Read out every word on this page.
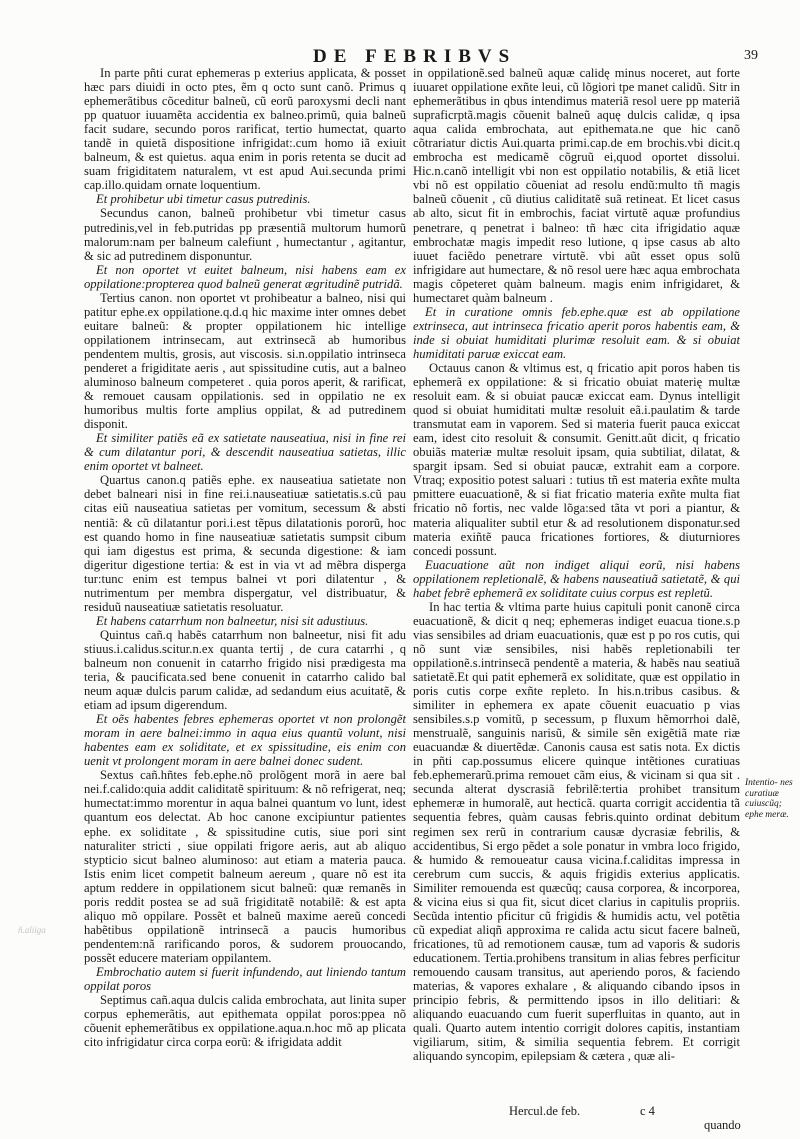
DE FEBRIBVS	39

In parte pñti curat ephemeras p exterius applicata, & posset hæc pars diuidi in octo ptes, ẽm q octo sunt canõ. Primus q ephemerãtibus cõceditur balneũ, cũ eorũ paroxysmi decli nant pp quatuor iuuamẽta accidentia ex balneo.primũ, quia balneũ facit sudare, secundo poros rarificat, tertio humectat, quarto tandẽ in quietã dispositione infrigidat:.cum homo iã exiuit balneum, & est quietus. aqua enim in poris retenta se ducit ad suam frigiditatem naturalem, vt est apud Aui.secunda primi cap.illo.quidam ornate loquentium.

Et prohibetur ubi timetur casus putredinis.

Secundus canon, balneũ prohibetur vbi timetur casus putredinis,vel in feb.putridas pp præsentiã multorum humorũ malorum:nam per balneum calefiunt , humectantur , agitantur, & sic ad putredinem disponuntur.

Et non oportet vt euitet balneum, nisi habens eam ex oppilatione:propterea quod balneũ generat ægritudinẽ putridã.

Tertius canon. non oportet vt prohibeatur a balneo, nisi qui patitur ephe.ex oppilatione.q.d.q hic maxime inter omnes debet euitare balneũ: & propter oppilationem hic intellige oppilationem intrinsecam, aut extrinsecã ab humoribus pendentem multis, grosis, aut viscosis. si.n.oppilatio intrinseca penderet a frigiditate aeris , aut spissitudine cutis, aut a balneo aluminoso balneum competeret . quia poros aperit, & rarificat, & remouet causam oppilationis. sed in oppilatio ne ex humoribus multis forte amplius oppilat, & ad putredinem disponit.

Et similiter patiẽs eã ex satietate nauseatiua, nisi in fine rei & cum dilatantur pori, & descendit nauseatiua satietas, illic enim oportet vt balneet.

Quartus canon.q patiẽs ephe. ex nauseatiua satietate non debet balneari nisi in fine rei.i.nauseatiuæ satietatis.s.cũ pau citas eiũ nauseatiua satietas per vomitum, secessum & absti nentiã: & cũ dilatantur pori.i.est tẽpus dilatationis pororũ, hoc est quando homo in fine nauseatiuæ satietatis sumpsit cibum qui iam digestus est prima, & secunda digestione: & iam digeritur digestione tertia: & est in via vt ad mẽbra disperga tur:tunc enim est tempus balnei vt pori dilatentur , & nutrimentum per membra dispergatur, vel distribuatur, & residuũ nauseatiuæ satietatis resoluatur.

Et habens catarrhum non balneetur, nisi sit adustiuus.

Quintus cañ.q habẽs catarrhum non balneetur, nisi fit adu stiuus.i.calidus.scitur.n.ex quanta tertij , de cura catarrhi , q balneum non conuenit in catarrho frigido nisi prædigesta ma teria, & paucificata.sed bene conuenit in catarrho calido bal neum aquæ dulcis parum calidæ, ad sedandum eius acuitatẽ, & etiam ad ipsum digerendum.

Et oẽs habentes febres ephemeras oportet vt non prolongẽt moram in aere balnei:immo in aqua eius quantũ volunt, nisi habentes eam ex soliditate, et ex spissitudine, eis enim con uenit vt prolongent moram in aere balnei donec sudent.

Sextus cañ.hñtes feb.ephe.nõ prolõgent morã in aere bal nei.f.calido:quia addit caliditatẽ spirituum: & nõ refrigerat, neq; humectat:immo morentur in aqua balnei quantum vo lunt, idest quantum eos delectat. Ab hoc canone excipiuntur patientes ephe. ex soliditate , & spissitudine cutis, siue pori sint naturaliter stricti , siue oppilati frigore aeris, aut ab aliquo stypticio sicut balneo aluminoso: aut etiam a materia pauca. Istis enim licet competit balneum aereum , quare nõ est ita aptum reddere in oppilationem sicut balneũ: quæ remanẽs in poris reddit postea se ad suã frigiditatẽ notabilẽ: & est apta aliquo mõ oppilare. Possẽt et balneũ maxime aereũ concedi habẽtibus oppilationẽ intrinsecã a paucis humoribus pendentem:nã rarificando poros, & sudorem prouocando, possẽt educere materiam oppilantem.

Embrochatio autem si fuerit infundendo, aut liniendo tantum oppilat poros

Septimus cañ.aqua dulcis calida embrochata, aut linita super corpus ephemerãtis, aut epithemata oppilat poros:ppea nõ cõuenit ephemerãtibus ex oppilatione.aqua.n.hoc mõ ap plicata cito infrigidatur circa corpa eorũ: & ifrigidata addit

in oppilationẽ.sed balneũ aquæ calidę minus noceret, aut forte iuuaret oppilatione exñte leui, cũ lõgiori tpe manet calidũ. Sitr in ephemerãtibus in qbus intendimus materiã resol uere pp materiã supraficrptã.magis cõuenit balneũ aquę dulcis calidæ, q ipsa aqua calida embrochata, aut epithemata.ne que hic canõ cõtrariatur dictis Aui.quarta primi.cap.de em brochis.vbi dicit.q embrocha est medicamẽ cõgruũ ei,quod oportet dissolui. Hic.n.canõ intelligit vbi non est oppilatio notabilis, & etiã licet vbi nõ est oppilatio cõueniat ad resolu endũ:multo tñ magis balneũ cõuenit , cũ diutius caliditatẽ suã retineat. Et licet casus ab alto, sicut fit in embrochis, faciat virtutẽ aquæ profundius penetrare, q penetrat i balneo: tñ hæc cita ifrigidatio aquæ embrochatæ magis impedit reso lutione, q ipse casus ab alto iuuet faciẽdo penetrare virtutẽ. vbi aũt esset opus solũ infrigidare aut humectare, & nõ resol uere hæc aqua embrochata magis cõpeteret quàm balneum. magis enim infrigidaret, & humectaret quàm balneum .

Et in curatione omnis feb.ephe.quæ est ab oppilatione extrinseca, aut intrinseca fricatio aperit poros habentis eam, & inde si obuiat humiditati plurimæ resoluit eam. & si obuiat humiditati paruæ exiccat eam.

Octauus canon & vltimus est, q fricatio apit poros haben tis ephemerã ex oppilatione: & si fricatio obuiat materię multæ resoluit eam. & si obuiat paucæ exiccat eam. Dynus intelligit quod si obuiat humiditati multæ resoluit eã.i.paulatim & tarde transmutat eam in vaporem. Sed si materia fuerit pauca exiccat eam, idest cito resoluit & consumit. Genitt.aũt dicit, q fricatio obuiãs materiæ multæ resoluit ipsam, quia subtiliat, dilatat, & spargit ipsam. Sed si obuiat paucæ, extrahit eam a corpore. Vtraq; expositio potest saluari : tutius tñ est materia exñte multa pmittere euacuationẽ, & si fiat fricatio materia exñte multa fiat fricatio nõ fortis, nec valde lõga:sed tãta vt pori a piantur, & materia aliqualiter subtil etur & ad resolutionem disponatur.sed materia exiñtẽ pauca fricationes fortiores, & diuturniores concedi possunt.

Euacuatione aũt non indiget aliqui eorũ, nisi habens oppilationem repletionalẽ, & habens nauseatiuã satietatẽ, & qui habet febrẽ ephemerã ex soliditate cuius corpus est repletũ.

In hac tertia & vltima parte huius capituli ponit canonẽ circa euacuationẽ, & dicit q neq; ephemeras indiget euacua tione.s.p vias sensibiles ad driam euacuationis, quæ est p po ros cutis, qui nõ sunt viæ sensibiles, nisi habẽs repletionabili ter oppilationẽ.s.intrinsecã pendentẽ a materia, & habẽs nau seatiuã satietatẽ.Et qui patit ephemerã ex soliditate, quæ est oppilatio in poris cutis corpe exñte repleto. In his.n.tribus casibus. & similiter in ephemera ex apate cõuenit euacuatio p vias sensibiles.s.p vomitũ, p secessum, p fluxum hẽmorrhoi dalẽ, menstrualẽ, sanguinis narisũ, & simile sẽn exigẽtiã mate riæ euacuandæ & diuertẽdæ. Canonis causa est satis nota. Ex dictis in pñti cap.possumus elicere quinque intẽtiones curatiuas feb.ephemerarũ.prima remouet cãm eius, & vicinam si qua sit . secunda alterat dyscrasiã febrilẽ:tertia prohibet transitum ephemeræ in humoralẽ, aut hecticã. quarta corrigit accidentia tã sequentia febres, quàm causas febris.quinto ordinat debitum regimen sex rerũ in contrarium causæ dycrasiæ febrilis, & accidentibus, Si ergo pẽdet a sole ponatur in vmbra loco frigido, & humido & remoueatur causa vicina.f.caliditas impressa in cerebrum cum succis, & aquis frigidis exterius applicatis. Similiter remouenda est quæcũq; causa corporea, & incorporea, & vicina eius si qua fit, sicut dicet clarius in capitulis propriis. Secũda intentio pficitur cũ frigidis & humidis actu, vel potẽtia cũ expediat aliqñ approxima re calida actu sicut facere balneũ, fricationes, tũ ad remotionem causæ, tum ad vaporis & sudoris educationem. Tertia.prohibens transitum in alias febres perficitur remouendo causam transitus, aut aperiendo poros, & faciendo materias, & vapores exhalare , & aliquando cibando ipsos in principio febris, & permittendo ipsos in illo delitiari: & aliquando euacuando cum fuerit superfluitas in quanto, aut in quali. Quarto autem intentio corrigit dolores capitis, instantiam vigiliarum, sitim, & similia sequentia febrem. Et corrigit aliquando syncopim, epilepsiam & cætera , quæ ali-

Intentio- nes curatiuæ cuiuscũq; ephe meræ.
ñ.aliiga
Hercul.de feb.	c 4
quando
